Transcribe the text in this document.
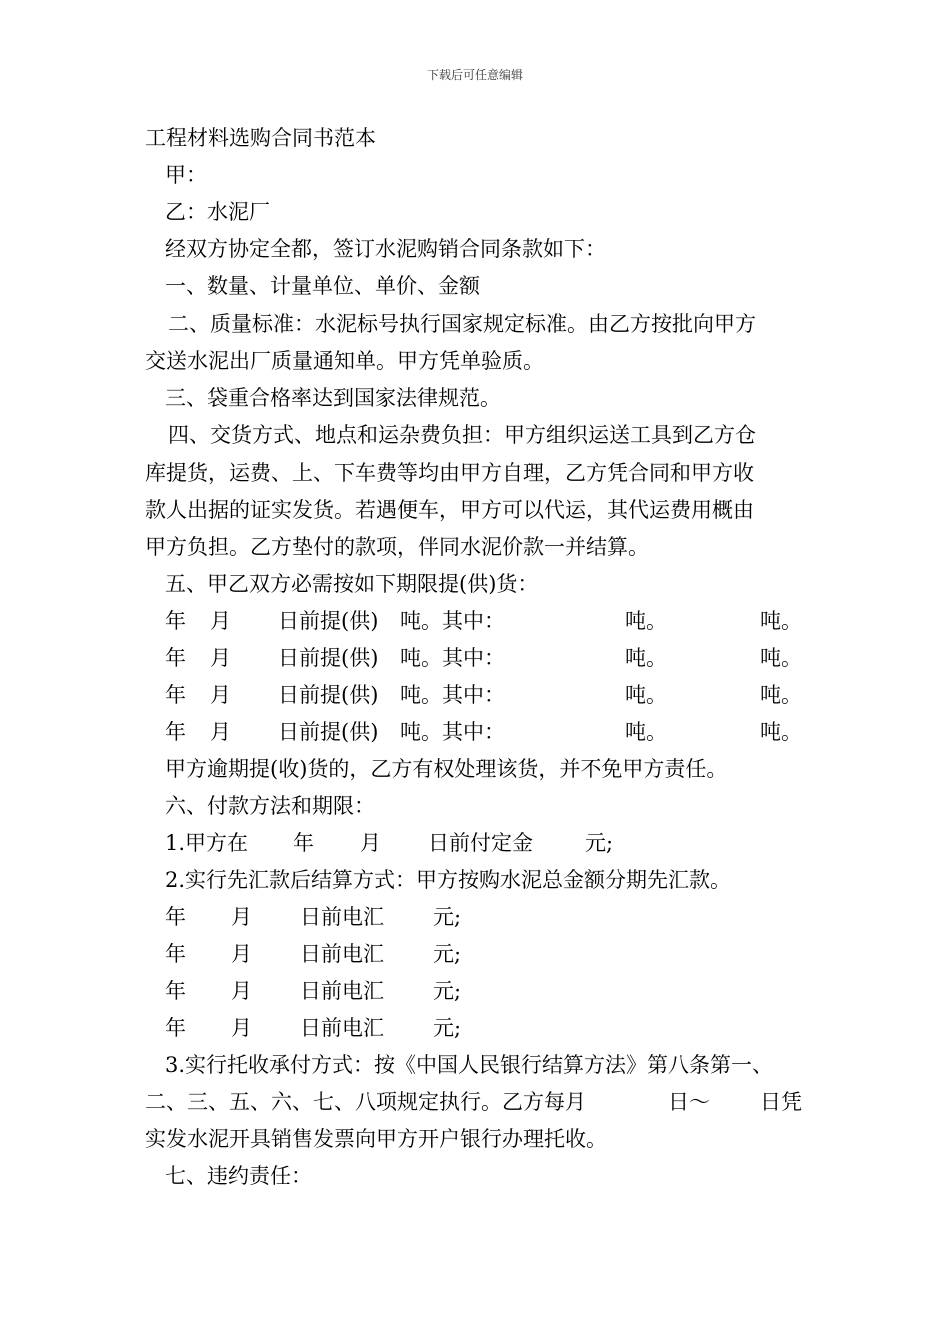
下载后可任意编辑
工程材料选购合同书范本
甲：
乙：水泥厂
经双方协定全都，签订水泥购销合同条款如下：
一、数量、计量单位、单价、金额
二、质量标准：水泥标号执行国家规定标准。由乙方按批向甲方
交送水泥出厂质量通知单。甲方凭单验质。
三、袋重合格率达到国家法律规范。
四、交货方式、地点和运杂费负担：甲方组织运送工具到乙方仓
库提货，运费、上、下车费等均由甲方自理，乙方凭合同和甲方收
款人出据的证实发货。若遇便车，甲方可以代运，其代运费用概由
甲方负担。乙方垫付的款项，伴同水泥价款一并结算。
五、甲乙双方必需按如下期限提(供)货：
年 月 日前提(供) 吨。其中：	吨。	吨。
年 月 日前提(供) 吨。其中：	吨。	吨。
年 月 日前提(供) 吨。其中：	吨。	吨。
年 月 日前提(供) 吨。其中：	吨。	吨。
甲方逾期提(收)货的，乙方有权处理该货，并不免甲方责任。
六、付款方法和期限：
1.甲方在 年 月 日前付定金 元;
2.实行先汇款后结算方式：甲方按购水泥总金额分期先汇款。
年 月 日前电汇 元;
年 月 日前电汇 元;
年 月 日前电汇 元;
年 月 日前电汇 元;
3.实行托收承付方式：按《中国人民银行结算方法》第八条第一、
二、三、五、六、七、八项规定执行。乙方每月	日～ 日凭
实发水泥开具销售发票向甲方开户银行办理托收。
七、违约责任：
